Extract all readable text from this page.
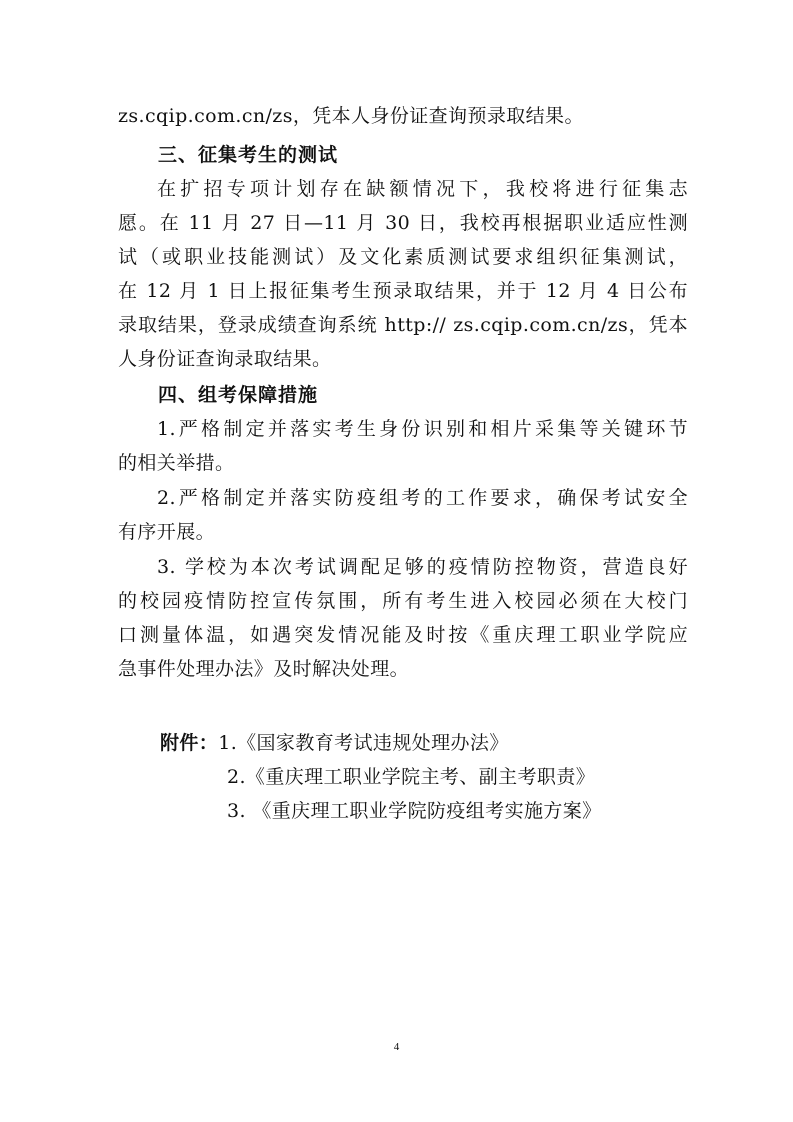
zs.cqip.com.cn/zs，凭本人身份证查询预录取结果。
三、征集考生的测试
在扩招专项计划存在缺额情况下，我校将进行征集志
愿。在 11 月 27 日—11 月 30 日，我校再根据职业适应性测
试（或职业技能测试）及文化素质测试要求组织征集测试，
在 12 月 1 日上报征集考生预录取结果，并于 12 月 4 日公布
录取结果，登录成绩查询系统 http:// zs.cqip.com.cn/zs，凭本
人身份证查询录取结果。
四、组考保障措施
1.严格制定并落实考生身份识别和相片采集等关键环节
的相关举措。
2.严格制定并落实防疫组考的工作要求，确保考试安全
有序开展。
3. 学校为本次考试调配足够的疫情防控物资，营造良好
的校园疫情防控宣传氛围，所有考生进入校园必须在大校门
口测量体温，如遇突发情况能及时按《重庆理工职业学院应
急事件处理办法》及时解决处理。
附件：1.《国家教育考试违规处理办法》
2.《重庆理工职业学院主考、副主考职责》
3. 《重庆理工职业学院防疫组考实施方案》
4
